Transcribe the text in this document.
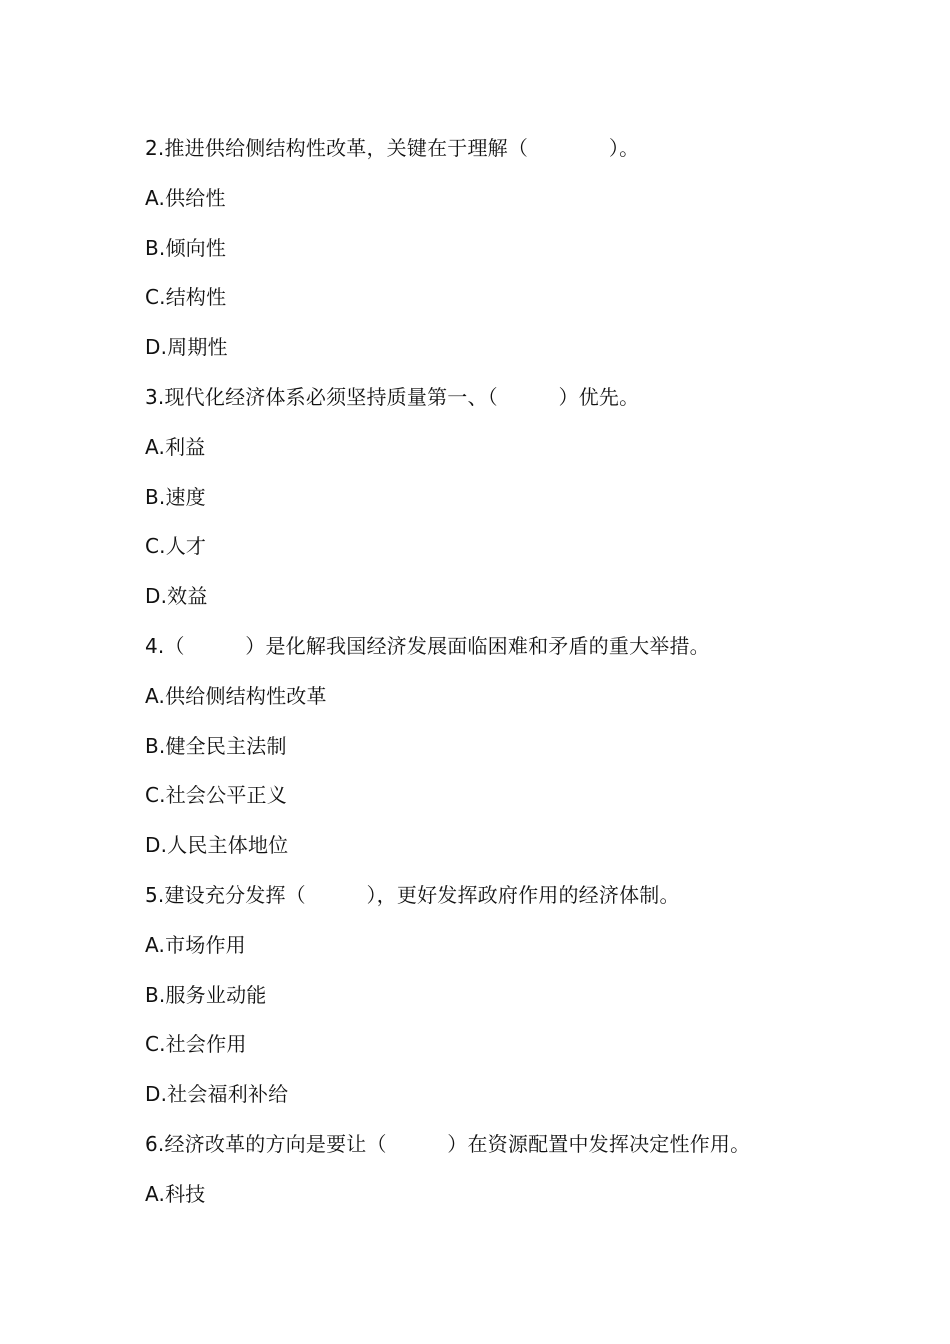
2.推进供给侧结构性改革，关键在于理解（　　　　）。
A.供给性
B.倾向性
C.结构性
D.周期性
3.现代化经济体系必须坚持质量第一、（　　　）优先。
A.利益
B.速度
C.人才
D.效益
4.（　　　）是化解我国经济发展面临困难和矛盾的重大举措。
A.供给侧结构性改革
B.健全民主法制
C.社会公平正义
D.人民主体地位
5.建设充分发挥（　　　），更好发挥政府作用的经济体制。
A.市场作用
B.服务业动能
C.社会作用
D.社会福利补给
6.经济改革的方向是要让（　　　）在资源配置中发挥决定性作用。
A.科技
